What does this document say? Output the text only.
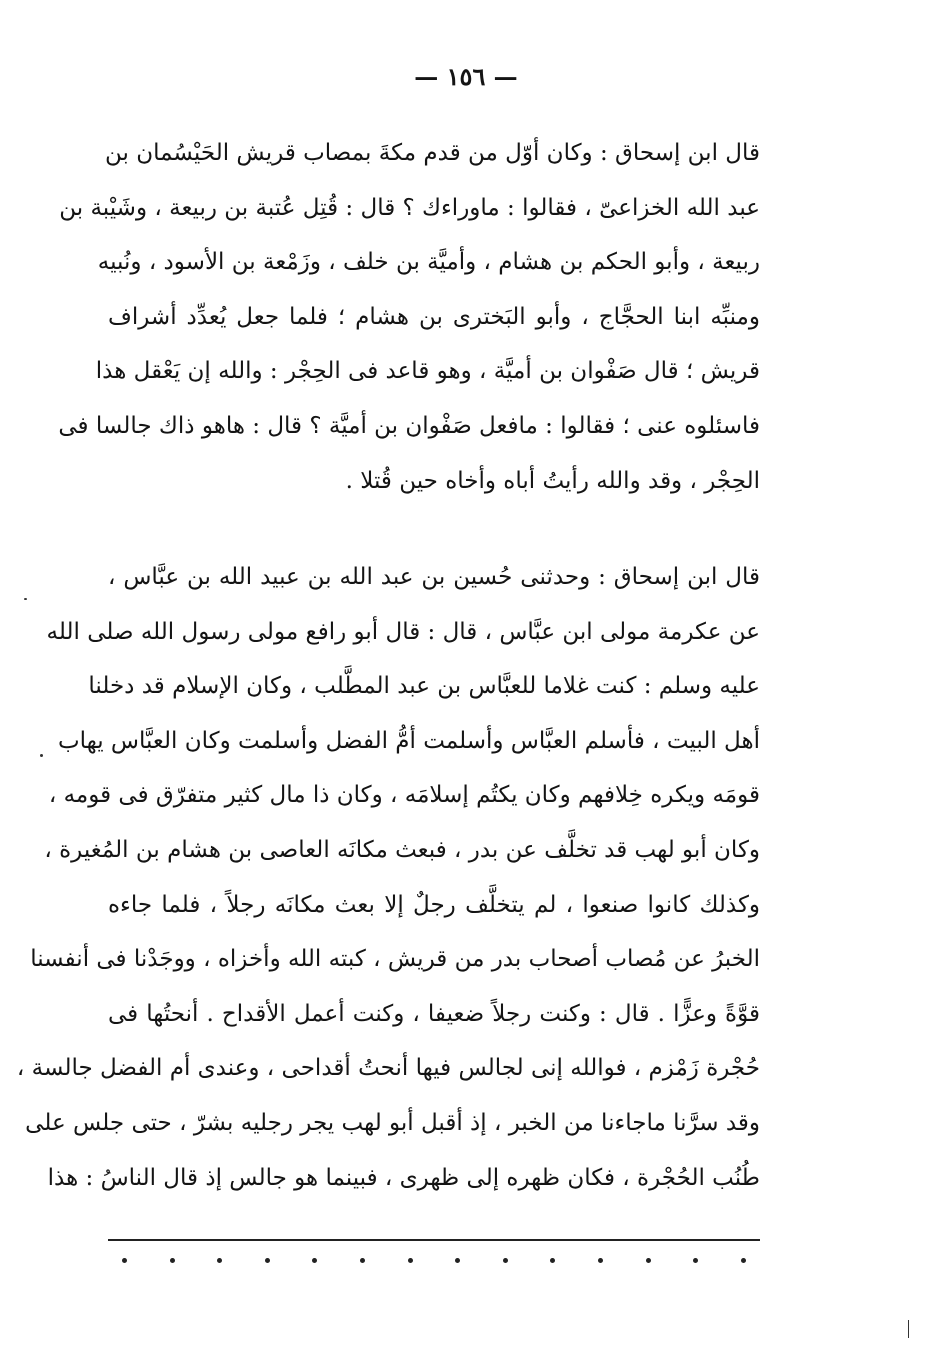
— ١٥٦ —
قال ابن إسحاق : وكان أوّل من قدم مكةَ بمصاب قريش الحَيْسُمان بن
عبد الله الخزاعىّ ، فقالوا : ماوراءك ؟ قال : قُتِل عُتبة بن ربيعة ، وشَيْبة بن
ربيعة ، وأبو الحكم بن هشام ، وأميَّة بن خلف ، وزَمْعة بن الأسود ، ونُبيه
ومنبِّه ابنا الحجَّاج ، وأبو البَخترى بن هشام ؛ فلما جعل يُعدِّد أشراف
قريش ؛ قال صَفْوان بن أميَّة ، وهو قاعد فى الحِجْر : والله إن يَعْقل هذا
فاسئلوه عنى ؛ فقالوا : مافعل صَفْوان بن أميَّة ؟ قال : هاهو ذاك جالسا فى
الحِجْر ، وقد والله رأيتُ أباه وأخاه حين قُتلا .
قال ابن إسحاق : وحدثنى حُسين بن عبد الله بن عبيد الله بن عبَّاس ،
عن عكرمة مولى ابن عبَّاس ، قال : قال أبو رافع مولى رسول الله صلى الله
عليه وسلم : كنت غلاما للعبَّاس بن عبد المطَّلب ، وكان الإسلام قد دخلنا
أهل البيت ، فأسلم العبَّاس وأسلمت أمُّ الفضل وأسلمت وكان العبَّاس يهاب
قومَه ويكره خِلافهم وكان يكتُم إسلامَه ، وكان ذا مال كثير متفرّق فى قومه ،
وكان أبو لهب قد تخلَّف عن بدر ، فبعث مكانَه العاصى بن هشام بن المُغيرة ،
وكذلك كانوا صنعوا ، لم يتخلَّف رجلٌ إلا بعث مكانَه رجلاً ، فلما جاءه
الخبرُ عن مُصاب أصحاب بدر من قريش ، كبته الله وأخزاه ، ووجَدْنا فى أنفسنا
قوَّةً وعزًّا . قال : وكنت رجلاً ضعيفا ، وكنت أعمل الأقداح . أنحتُها فى
حُجْرة زَمْزم ، فوالله إنى لجالس فيها أنحتُ أقداحى ، وعندى أم الفضل جالسة ،
وقد سرَّنا ماجاءنا من الخبر ، إذ أقبل أبو لهب يجر رجليه بشرّ ، حتى جلس على
طُنُب الحُجْرة ، فكان ظهره إلى ظهرى ، فبينما هو جالس إذ قال الناسُ : هذا
